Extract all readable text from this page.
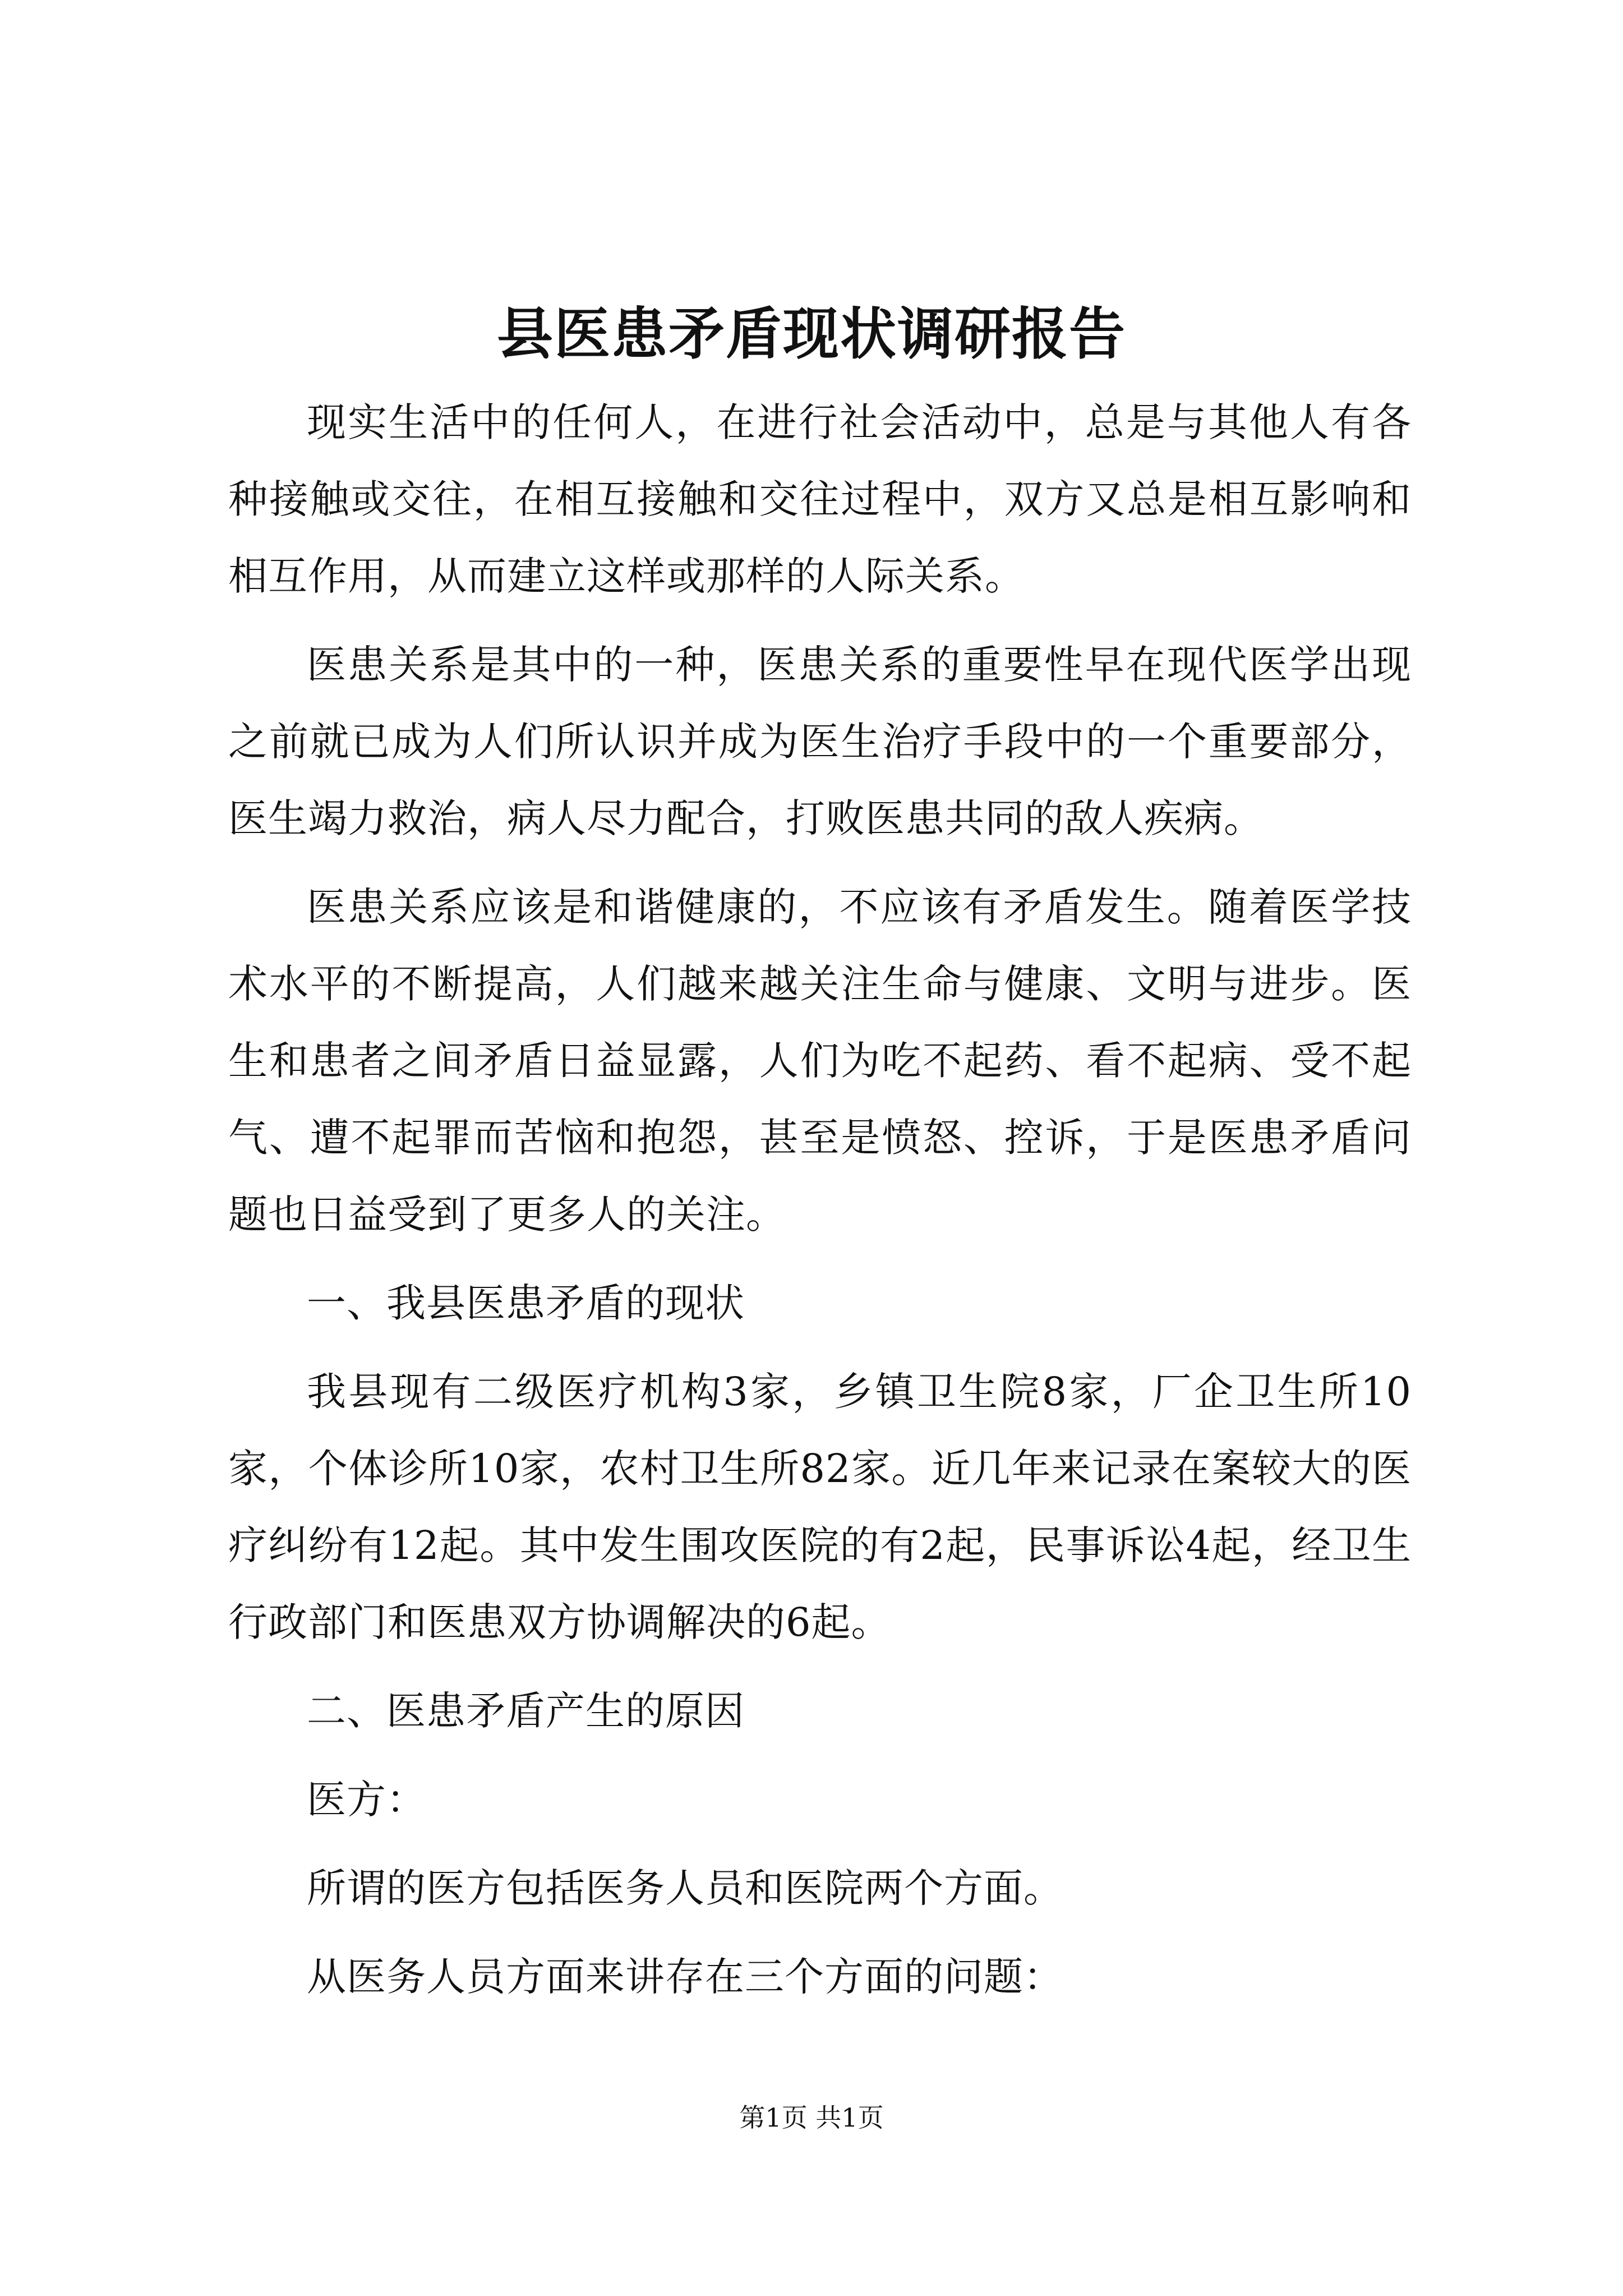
县医患矛盾现状调研报告

现实生活中的任何人，在进行社会活动中，总是与其他人有各种接触或交往，在相互接触和交往过程中，双方又总是相互影响和相互作用，从而建立这样或那样的人际关系。

医患关系是其中的一种，医患关系的重要性早在现代医学出现之前就已成为人们所认识并成为医生治疗手段中的一个重要部分，医生竭力救治，病人尽力配合，打败医患共同的敌人疾病。

医患关系应该是和谐健康的，不应该有矛盾发生。随着医学技术水平的不断提高，人们越来越关注生命与健康、文明与进步。医生和患者之间矛盾日益显露，人们为吃不起药、看不起病、受不起气、遭不起罪而苦恼和抱怨，甚至是愤怒、控诉，于是医患矛盾问题也日益受到了更多人的关注。

一、我县医患矛盾的现状

我县现有二级医疗机构3家，乡镇卫生院8家，厂企卫生所10家，个体诊所10家，农村卫生所82家。近几年来记录在案较大的医疗纠纷有12起。其中发生围攻医院的有2起，民事诉讼4起，经卫生行政部门和医患双方协调解决的6起。

二、医患矛盾产生的原因

医方：

所谓的医方包括医务人员和医院两个方面。

从医务人员方面来讲存在三个方面的问题：

第1页 共1页
